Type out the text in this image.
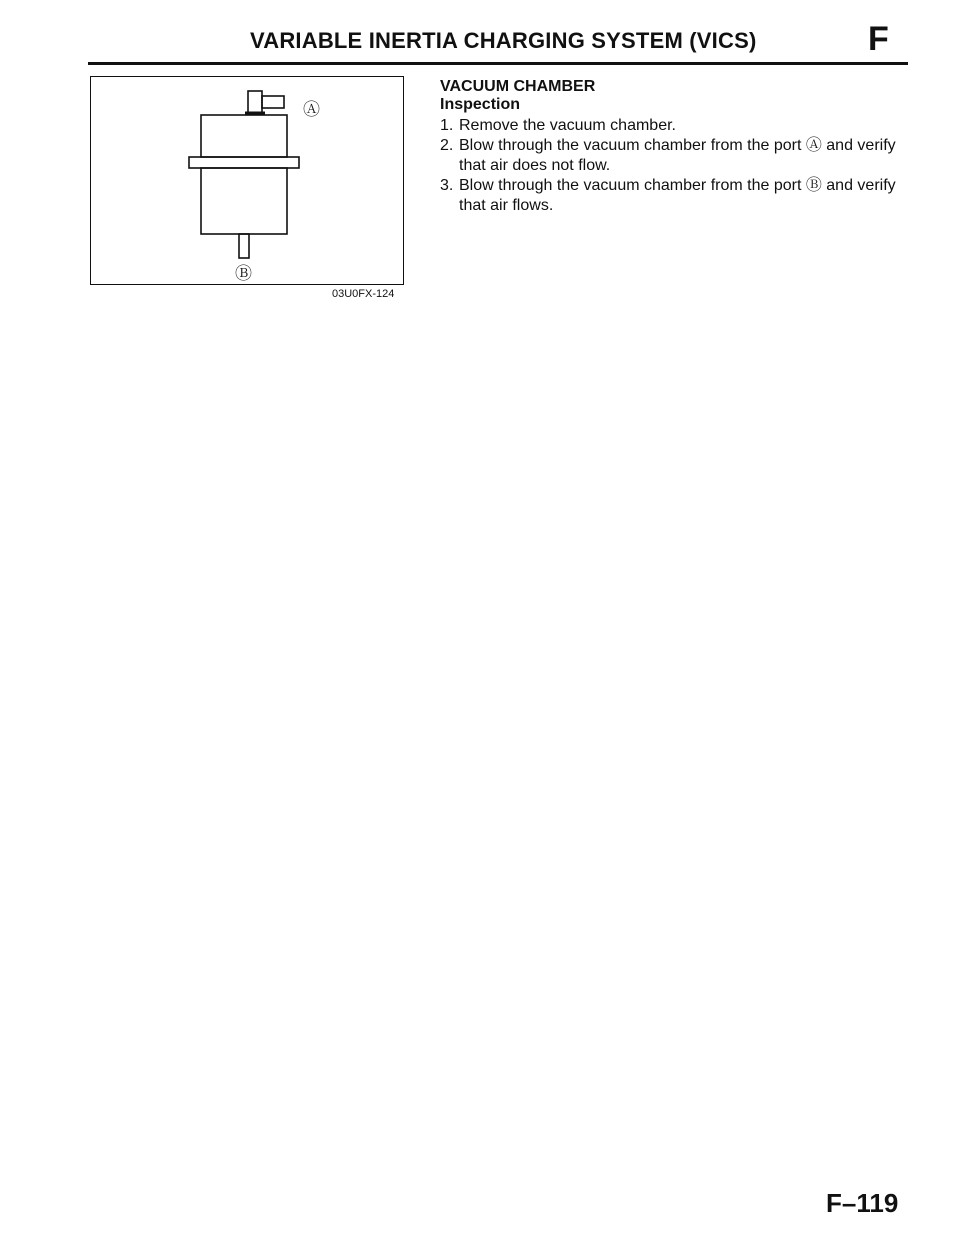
VARIABLE INERTIA CHARGING SYSTEM (VICS)	F
Ⓐ
Ⓑ
03U0FX-124
VACUUM CHAMBER
Inspection
1. Remove the vacuum chamber.
2. Blow through the vacuum chamber from the port Ⓐ and verify that air does not flow.
3. Blow through the vacuum chamber from the port Ⓑ and verify that air flows.
F–119
